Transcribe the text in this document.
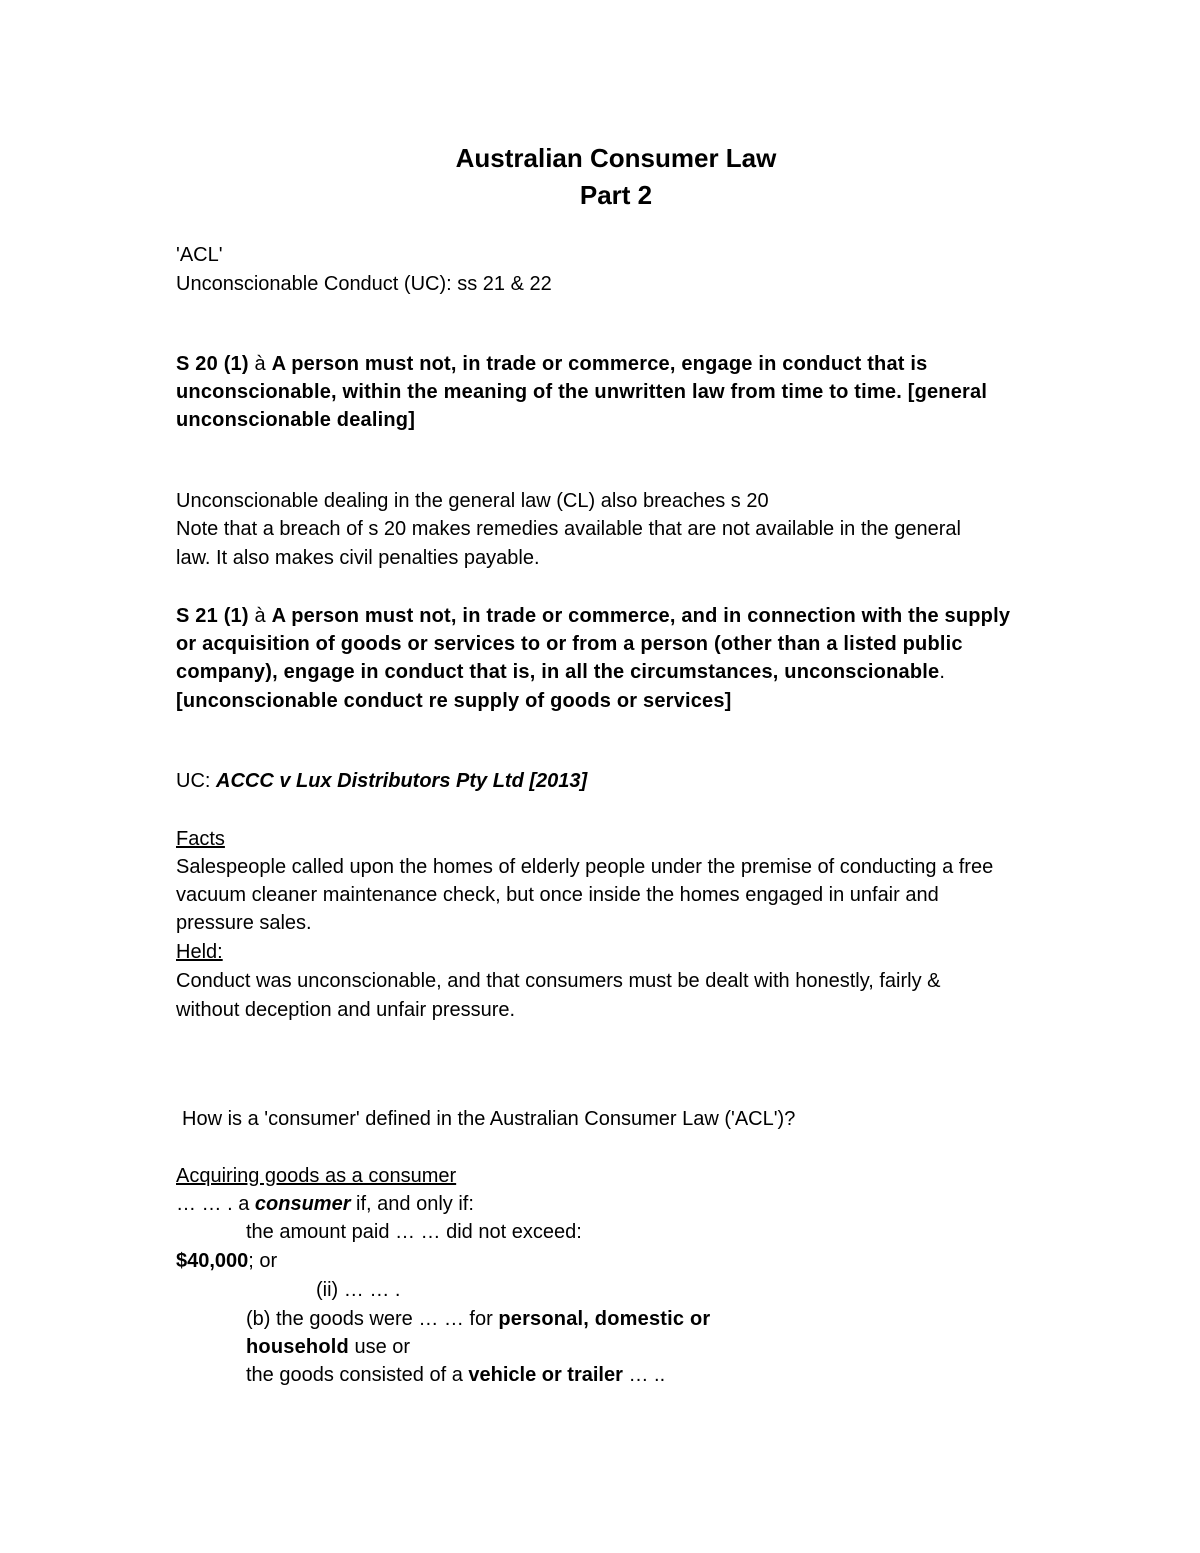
Australian Consumer Law

Part 2

'ACL'

Unconscionable Conduct (UC): ss 21 & 22

S 20 (1) à A person must not, in trade or commerce, engage in conduct that is

unconscionable, within the meaning of the unwritten law from time to time. [general

unconscionable dealing]

Unconscionable dealing in the general law (CL) also breaches s 20

Note that a breach of s 20 makes remedies available that are not available in the general

law. It also makes civil penalties payable.

S 21 (1) à A person must not, in trade or commerce, and in connection with the supply

or acquisition of goods or services to or from a person (other than a listed public

company), engage in conduct that is, in all the circumstances, unconscionable.

[unconscionable conduct re supply of goods or services]

UC: ACCC v Lux Distributors Pty Ltd [2013]

Facts

Salespeople called upon the homes of elderly people under the premise of conducting a free

vacuum cleaner maintenance check, but once inside the homes engaged in unfair and

pressure sales.

Held:

Conduct was unconscionable, and that consumers must be dealt with honestly, fairly &

without deception and unfair pressure.

How is a 'consumer' defined in the Australian Consumer Law ('ACL')?

Acquiring goods as a consumer

… … . a consumer if, and only if:

the amount paid … … did not exceed:

$40,000; or

(ii) … … .

(b) the goods were … … for personal, domestic or

household use or

the goods consisted of a vehicle or trailer … ..
